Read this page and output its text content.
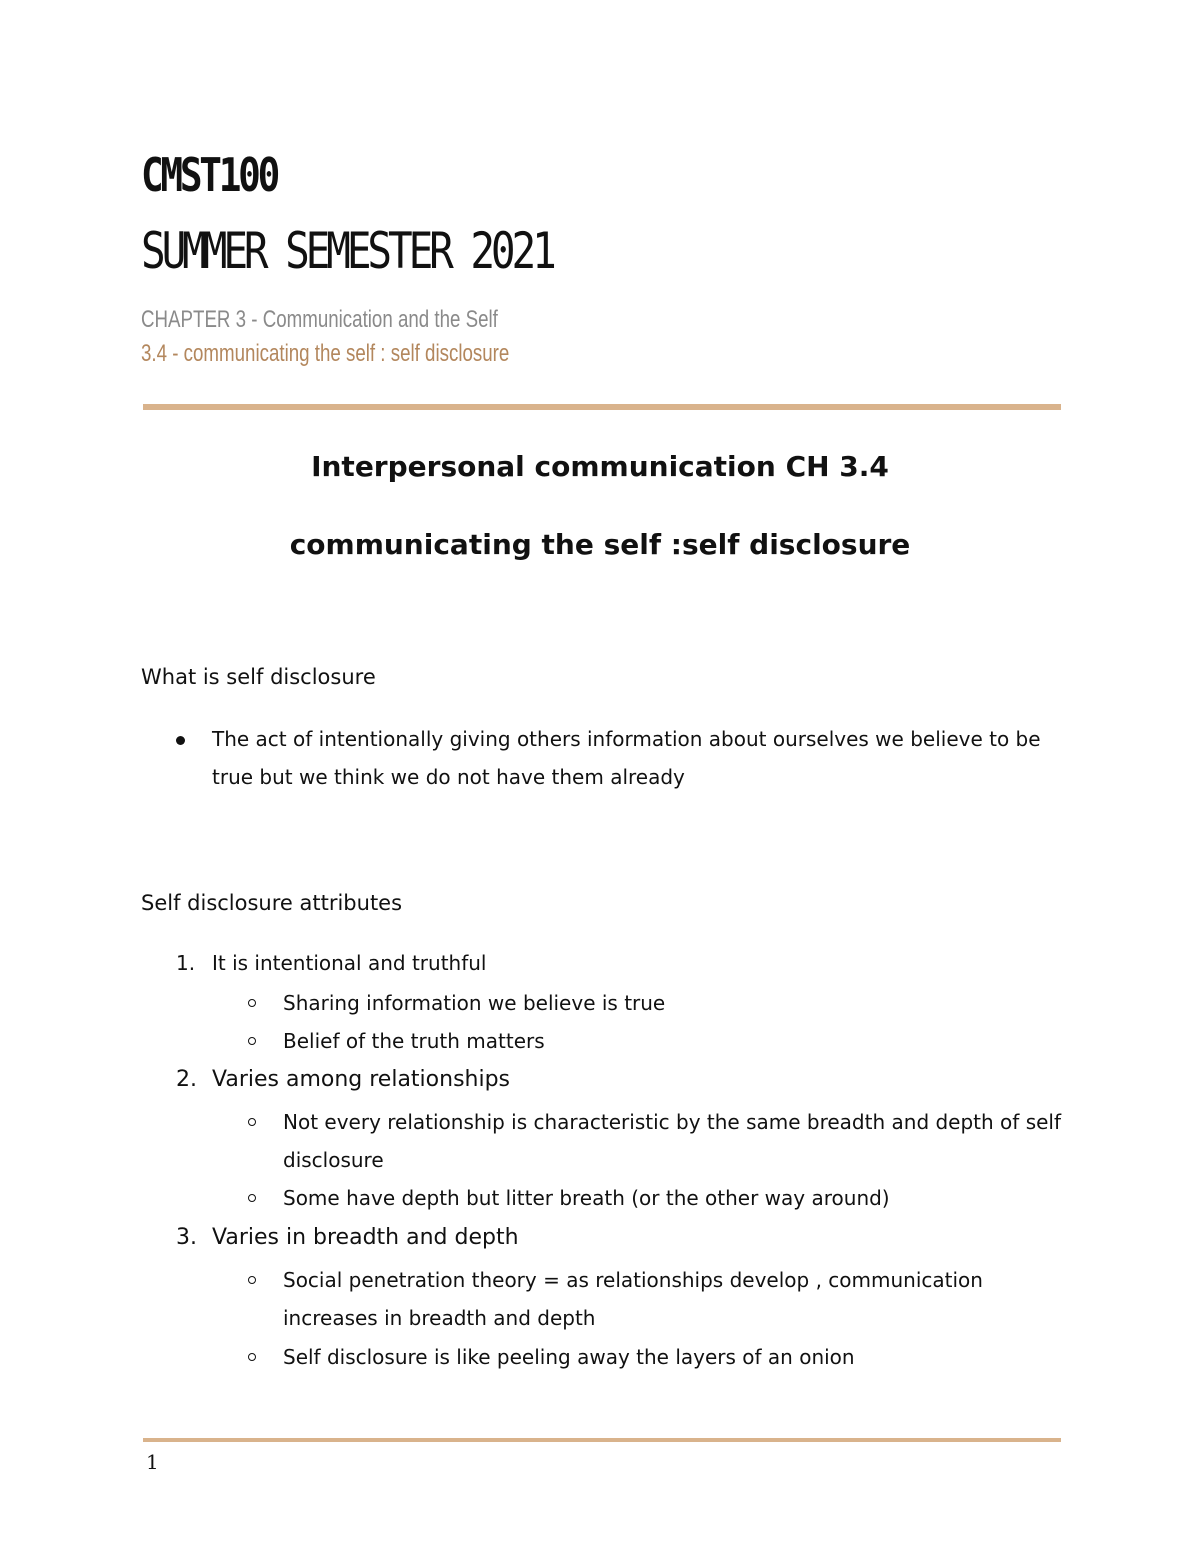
CMST100
SUMMER SEMESTER 2021
CHAPTER 3 - Communication and the Self
3.4 - communicating the self : self disclosure
Interpersonal communication CH 3.4
communicating the self :self disclosure
What is self disclosure
The act of intentionally giving others information about ourselves we believe to be
true but we think we do not have them already
Self disclosure attributes
1. It is intentional and truthful
Sharing information we believe is true
Belief of the truth matters
2. Varies among relationships
Not every relationship is characteristic by the same breadth and depth of self
disclosure
Some have depth but litter breath (or the other way around)
3. Varies in breadth and depth
Social penetration theory = as relationships develop , communication
increases in breadth and depth
Self disclosure is like peeling away the layers of an onion
1
